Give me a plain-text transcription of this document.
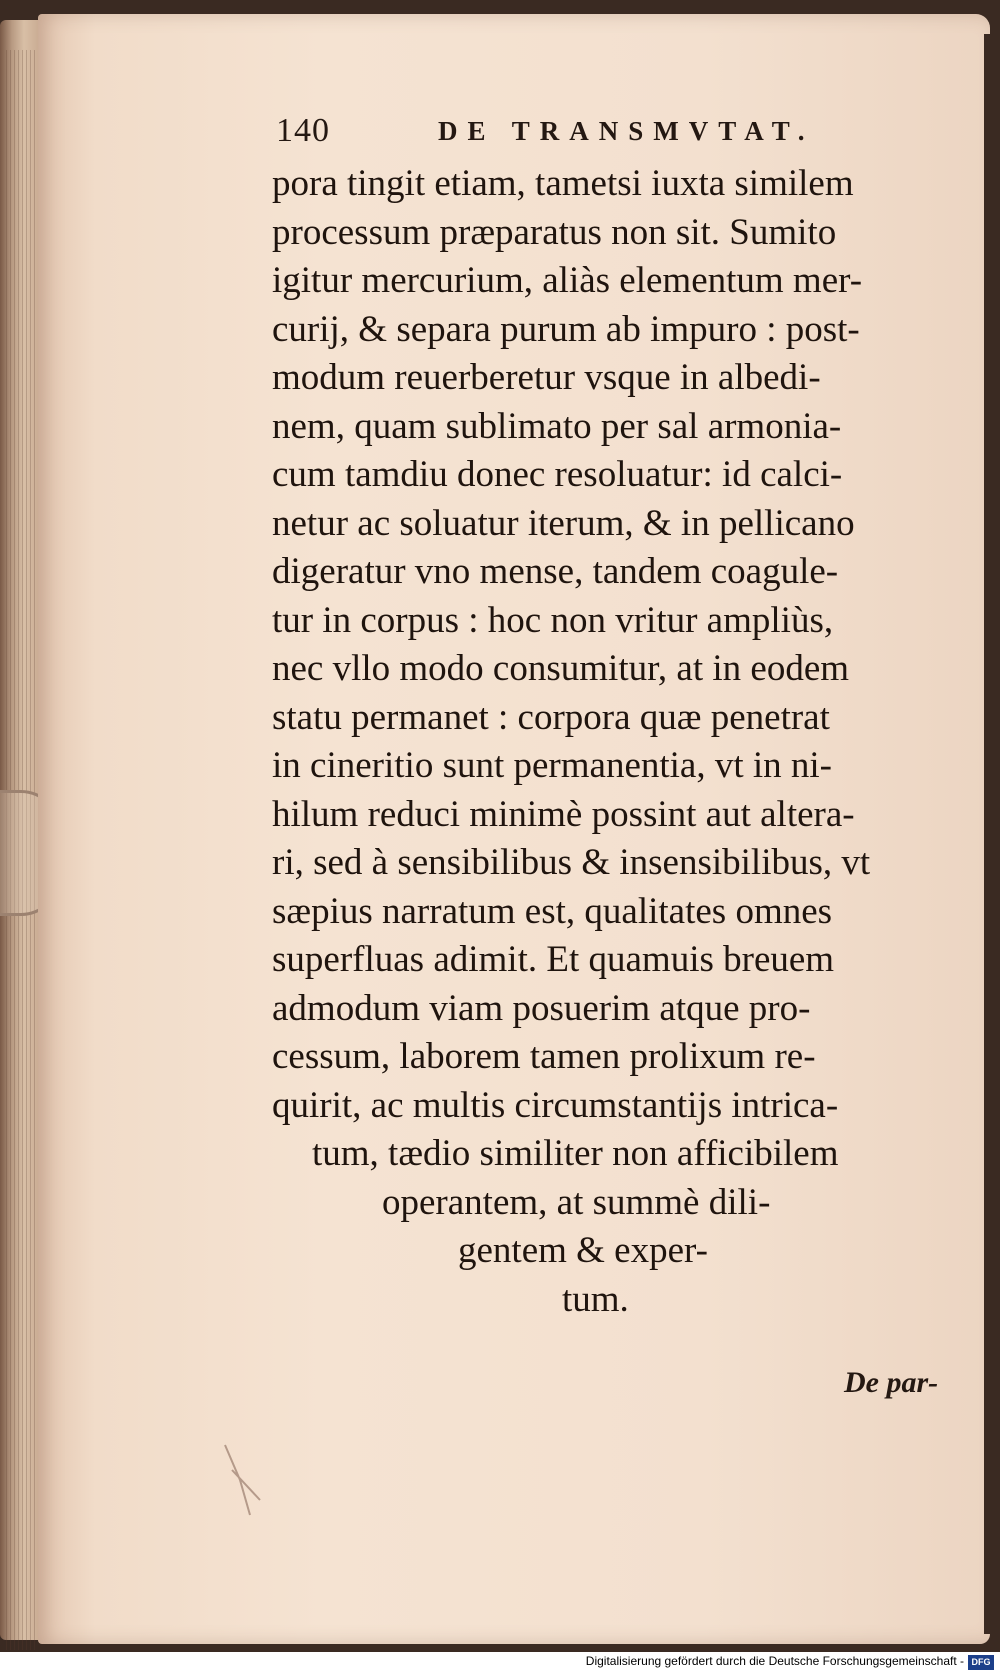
140	DE TRANSMVTAT.
pora tingit etiam, tametsi iuxta similem
processum præparatus non sit. Sumito
igitur mercurium, aliàs elementum mer-
curij, & separa purum ab impuro : post-
modum reuerberetur vsque in albedi-
nem, quam sublimato per sal armonia-
cum tamdiu donec resoluatur: id calci-
netur ac soluatur iterum, & in pellicano
digeratur vno mense, tandem coagule-
tur in corpus : hoc non vritur ampliùs,
nec vllo modo consumitur, at in eodem
statu permanet : corpora quæ penetrat
in cineritio sunt permanentia, vt in ni-
hilum reduci minimè possint aut altera-
ri, sed à sensibilibus & insensibilibus, vt
sæpius narratum est, qualitates omnes
superfluas adimit. Et quamuis breuem
admodum viam posuerim atque pro-
cessum, laborem tamen prolixum re-
quirit, ac multis circumstantijs intrica-
tum, tædio similiter non afficibilem
operantem, at summè dili-
gentem & exper-
tum.
De par-
Digitalisierung gefördert durch die Deutsche Forschungsgemeinschaft - DFG
